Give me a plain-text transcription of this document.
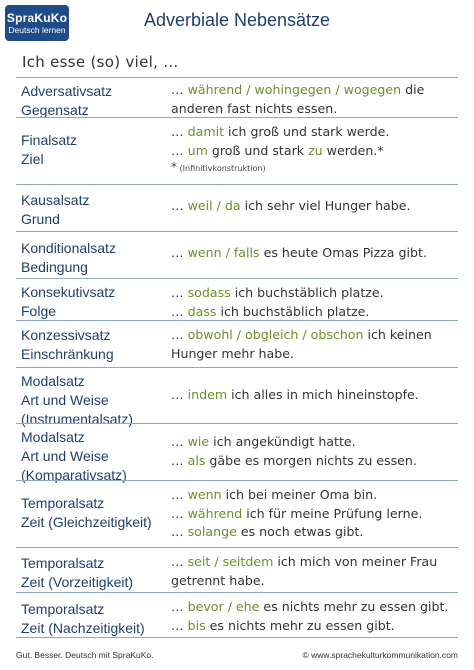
SpraKuKo
Deutsch lernen	Adverbiale Nebensätze
Ich esse (so) viel, …
Adversativsatz
Gegensatz
… während / wohingegen / wogegen die
anderen fast nichts essen.
Finalsatz
Ziel
… damit ich groß und stark werde.
… um groß und stark zu werden.*
* (Infinitivkonstruktion)
Kausalsatz
Grund
… weil / da ich sehr viel Hunger habe.
Konditionalsatz
Bedingung
… wenn / falls es heute Omas Pizza gibt.
Konsekutivsatz
Folge
… sodass ich buchstäblich platze.
… dass ich buchstäblich platze.
Konzessivsatz
Einschränkung
… obwohl / obgleich / obschon ich keinen
Hunger mehr habe.
Modalsatz
Art und Weise
(Instrumentalsatz)
… indem ich alles in mich hineinstopfe.
Modalsatz
Art und Weise
(Komparativsatz)
… wie ich angekündigt hatte.
… als gäbe es morgen nichts zu essen.
Temporalsatz
Zeit (Gleichzeitigkeit)
… wenn ich bei meiner Oma bin.
… während ich für meine Prüfung lerne.
… solange es noch etwas gibt.
Temporalsatz
Zeit (Vorzeitigkeit)
… seit / seitdem ich mich von meiner Frau
getrennt habe.
Temporalsatz
Zeit (Nachzeitigkeit)
… bevor / ehe es nichts mehr zu essen gibt.
… bis es nichts mehr zu essen gibt.
Gut. Besser. Deutsch mit SpraKuKo.	© www.sprachekulturkommunikation.com
